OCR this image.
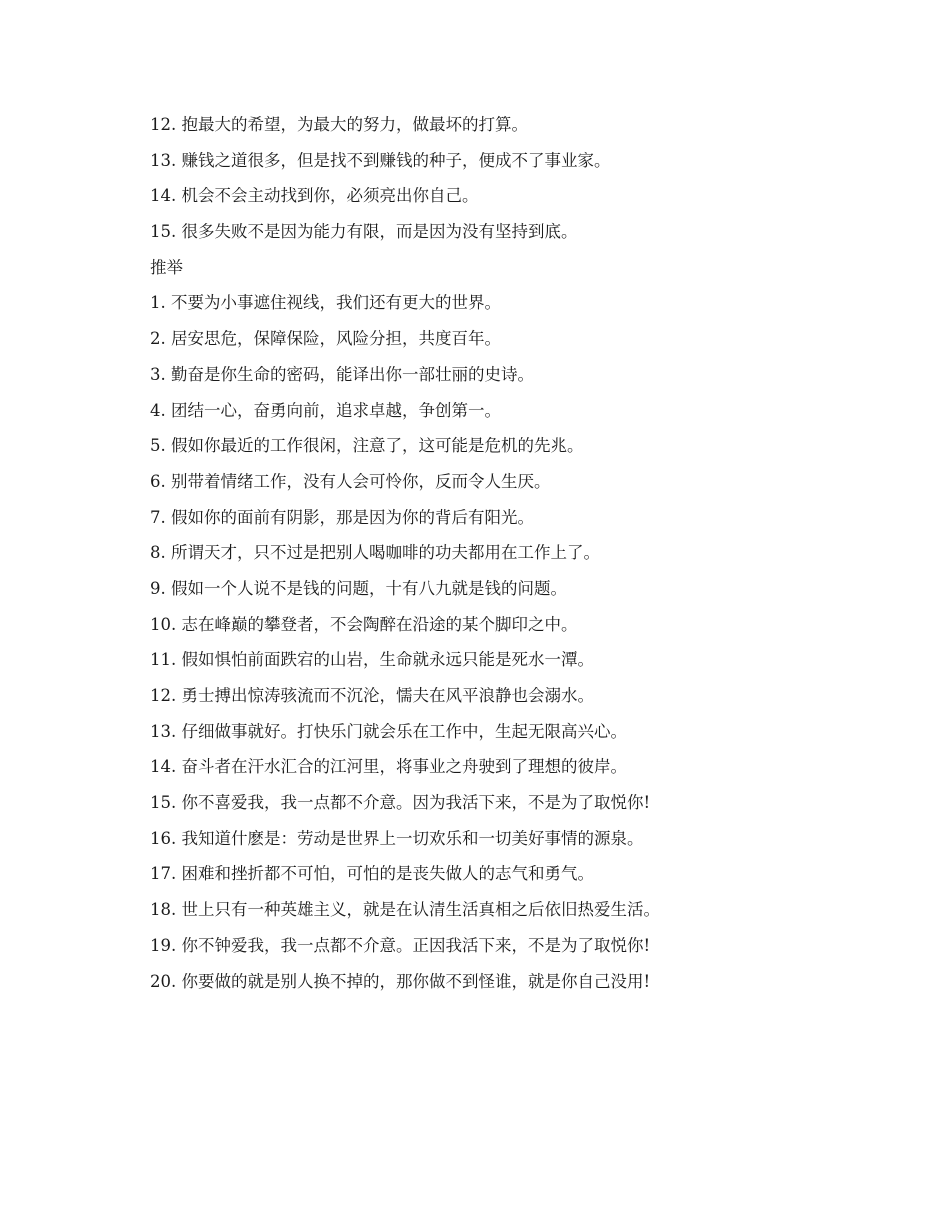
12. 抱最大的希望，为最大的努力，做最坏的打算。
13. 赚钱之道很多，但是找不到赚钱的种子，便成不了事业家。
14. 机会不会主动找到你，必须亮出你自己。
15. 很多失败不是因为能力有限，而是因为没有坚持到底。
推举
1. 不要为小事遮住视线，我们还有更大的世界。
2. 居安思危，保障保险，风险分担，共度百年。
3. 勤奋是你生命的密码，能译出你一部壮丽的史诗。
4. 团结一心，奋勇向前，追求卓越，争创第一。
5. 假如你最近的工作很闲，注意了，这可能是危机的先兆。
6. 别带着情绪工作，没有人会可怜你，反而令人生厌。
7. 假如你的面前有阴影，那是因为你的背后有阳光。
8. 所谓天才，只不过是把别人喝咖啡的功夫都用在工作上了。
9. 假如一个人说不是钱的问题，十有八九就是钱的问题。
10. 志在峰巅的攀登者，不会陶醉在沿途的某个脚印之中。
11. 假如惧怕前面跌宕的山岩，生命就永远只能是死水一潭。
12. 勇士搏出惊涛骇流而不沉沦，懦夫在风平浪静也会溺水。
13. 仔细做事就好。打快乐门就会乐在工作中，生起无限高兴心。
14. 奋斗者在汗水汇合的江河里，将事业之舟驶到了理想的彼岸。
15. 你不喜爱我，我一点都不介意。因为我活下来，不是为了取悦你!
16. 我知道什麽是：劳动是世界上一切欢乐和一切美好事情的源泉。
17. 困难和挫折都不可怕，可怕的是丧失做人的志气和勇气。
18. 世上只有一种英雄主义，就是在认清生活真相之后依旧热爱生活。
19. 你不钟爱我，我一点都不介意。正因我活下来，不是为了取悦你!
20. 你要做的就是别人换不掉的，那你做不到怪谁，就是你自己没用!
